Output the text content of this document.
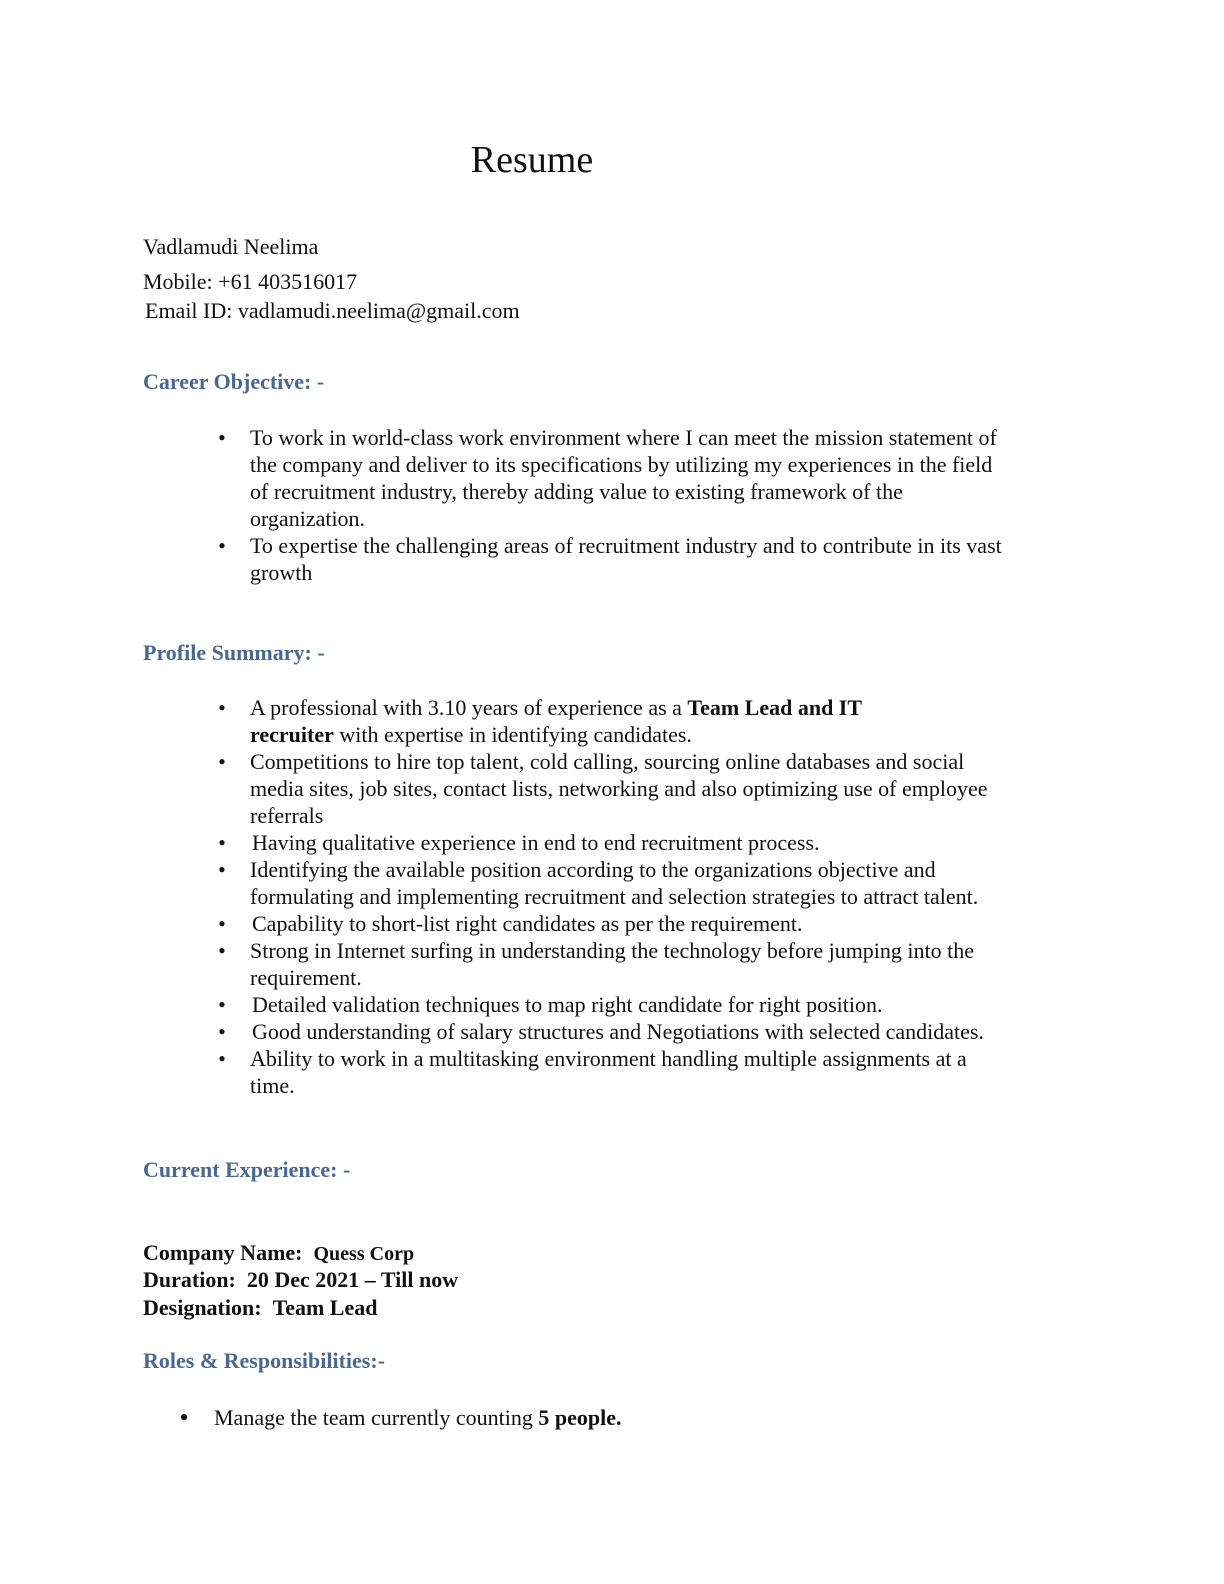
Resume
Vadlamudi Neelima
Mobile: +61 403516017
Email ID: vadlamudi.neelima@gmail.com
Career Objective: -
• To work in world-class work environment where I can meet the mission statement of
the company and deliver to its specifications by utilizing my experiences in the field
of recruitment industry, thereby adding value to existing framework of the
organization.
• To expertise the challenging areas of recruitment industry and to contribute in its vast
growth
Profile Summary: -
• A professional with 3.10 years of experience as a Team Lead and IT
recruiter with expertise in identifying candidates.
• Competitions to hire top talent, cold calling, sourcing online databases and social
media sites, job sites, contact lists, networking and also optimizing use of employee
referrals
• Having qualitative experience in end to end recruitment process.
• Identifying the available position according to the organizations objective and
formulating and implementing recruitment and selection strategies to attract talent.
• Capability to short-list right candidates as per the requirement.
• Strong in Internet surfing in understanding the technology before jumping into the
requirement.
• Detailed validation techniques to map right candidate for right position.
• Good understanding of salary structures and Negotiations with selected candidates.
• Ability to work in a multitasking environment handling multiple assignments at a
time.
Current Experience: -
Company Name: Quess Corp
Duration: 20 Dec 2021 – Till now
Designation: Team Lead
Roles & Responsibilities:-
• Manage the team currently counting 5 people.
